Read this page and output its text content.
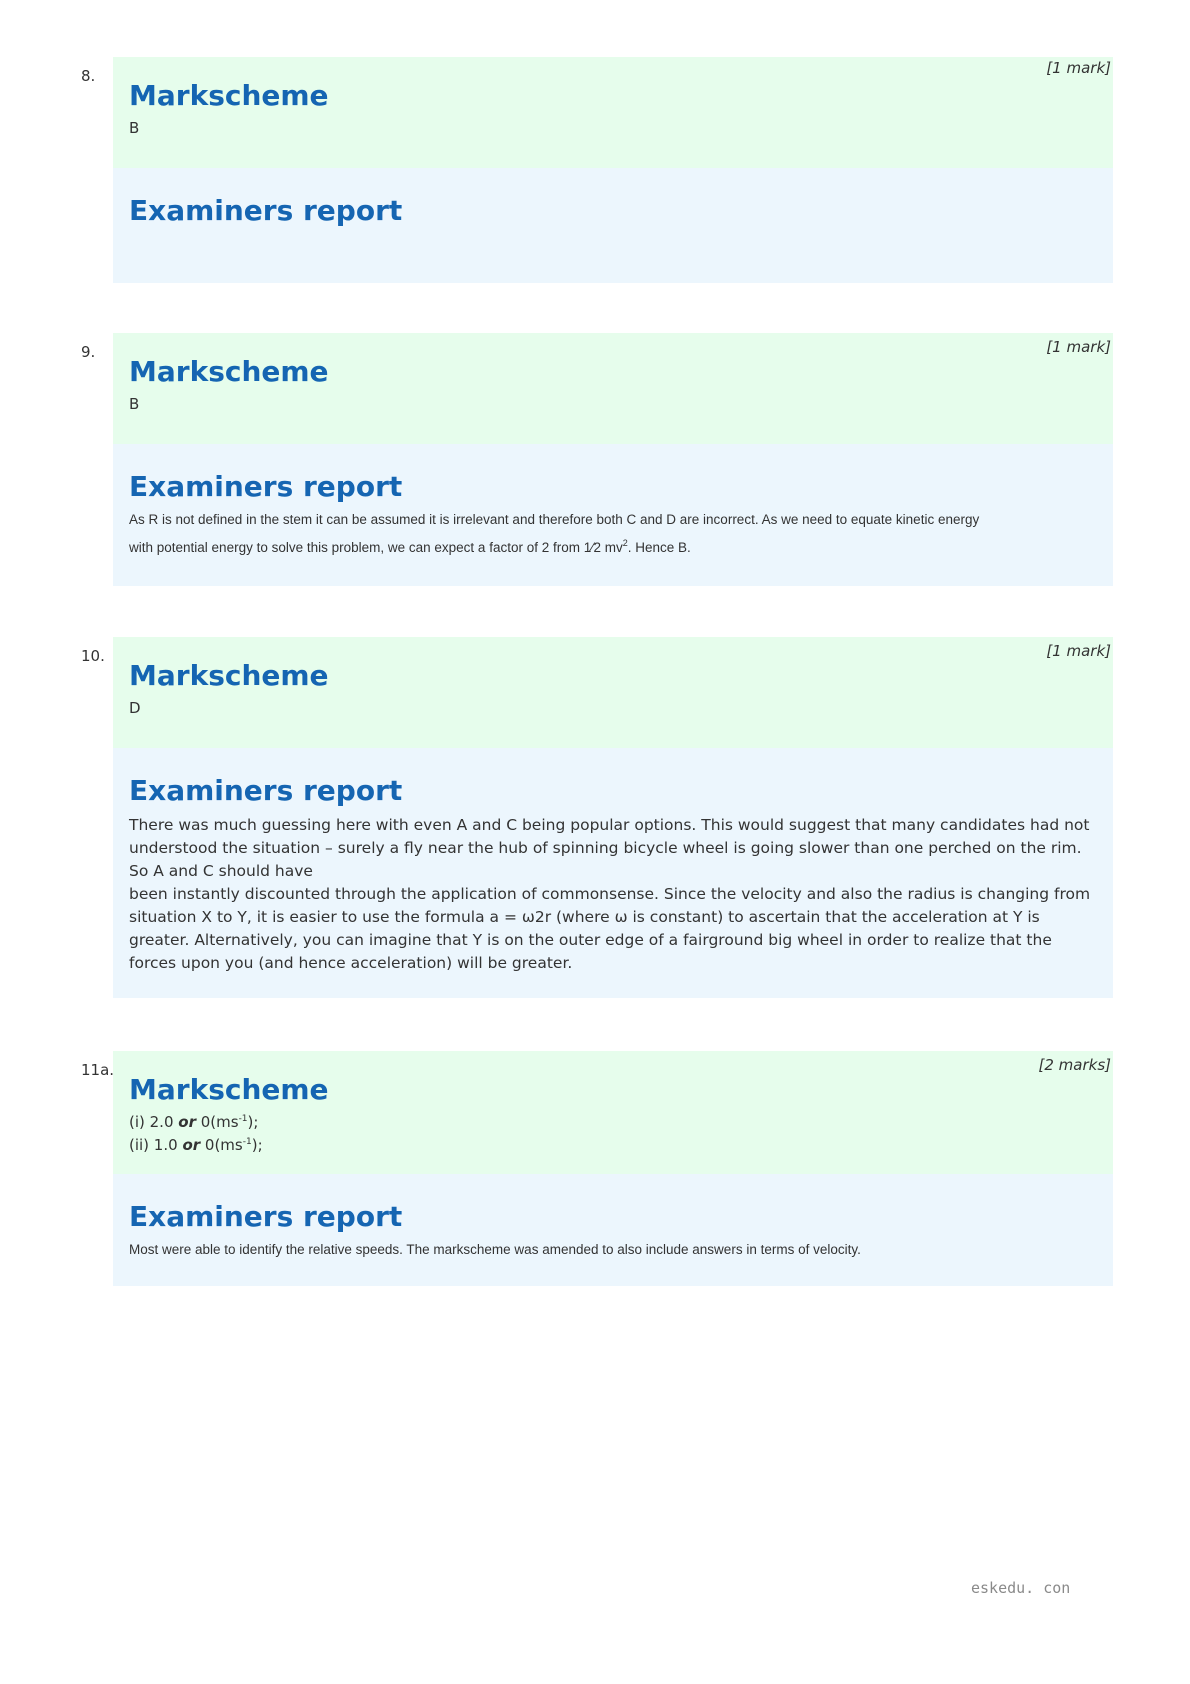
8.	[1 mark]
Markscheme
B
Examiners report
9.	[1 mark]
Markscheme
B
Examiners report
As R is not defined in the stem it can be assumed it is irrelevant and therefore both C and D are incorrect. As we need to equate kinetic energy
with potential energy to solve this problem, we can expect a factor of 2 from 1⁄2 $mv^2$. Hence B.
10.	[1 mark]
Markscheme
D
Examiners report
There was much guessing here with even A and C being popular options. This would suggest that many candidates had not understood the situation – surely a fly near the hub of spinning bicycle wheel is going slower than one perched on the rim. So A and C should have
been instantly discounted through the application of commonsense. Since the velocity and also the radius is changing from situation X to Y, it is easier to use the formula a = ω2r (where ω is constant) to ascertain that the acceleration at Y is greater. Alternatively, you can imagine that Y is on the outer edge of a fairground big wheel in order to realize that the forces upon you (and hence acceleration) will be greater.
11a.	[2 marks]
Markscheme
(i) 2.0 or $0(ms^{-1})$;
(ii) 1.0 or $0(ms^{-1})$;
Examiners report
Most were able to identify the relative speeds. The markscheme was amended to also include answers in terms of velocity.
eskedu. con
